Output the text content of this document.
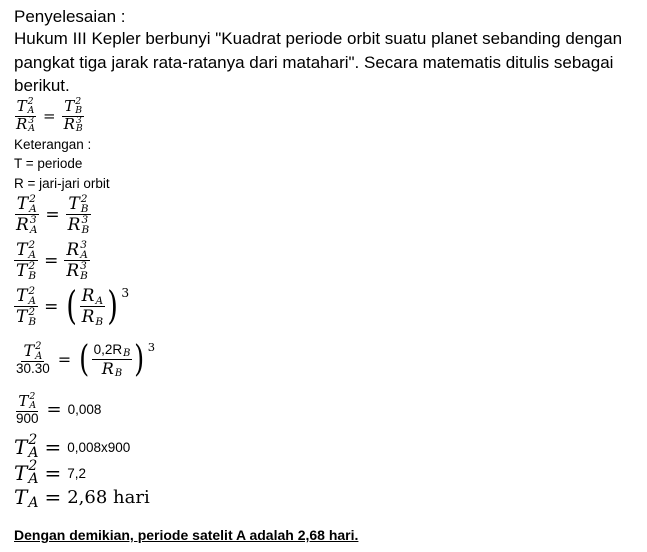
Penyelesaian :
Hukum III Kepler berbunyi "Kuadrat periode orbit suatu planet sebanding dengan
pangkat tiga jarak rata-ratanya dari matahari". Secara matematis ditulis sebagai
berikut.
T 2
A
R 3
A = T 2
B
R 3
B
Keterangan :
T = periode
R = jari-jari orbit
T 2
A
R 3
A = T 2
B
R 3
B
T 2
A
T 2
B = R 3
A
R 3
B
T 2
A
T 2
B = ( R
A
R
B ) 3
T 2
A
30.30 = ( 0,2R
B
R
B ) 3
T 2
A
900 = 0,008
T 2
A = 0,008x900
T 2
A = 7,2
T
A = 2,68 hari
Dengan demikian, periode satelit A adalah 2,68 hari.
